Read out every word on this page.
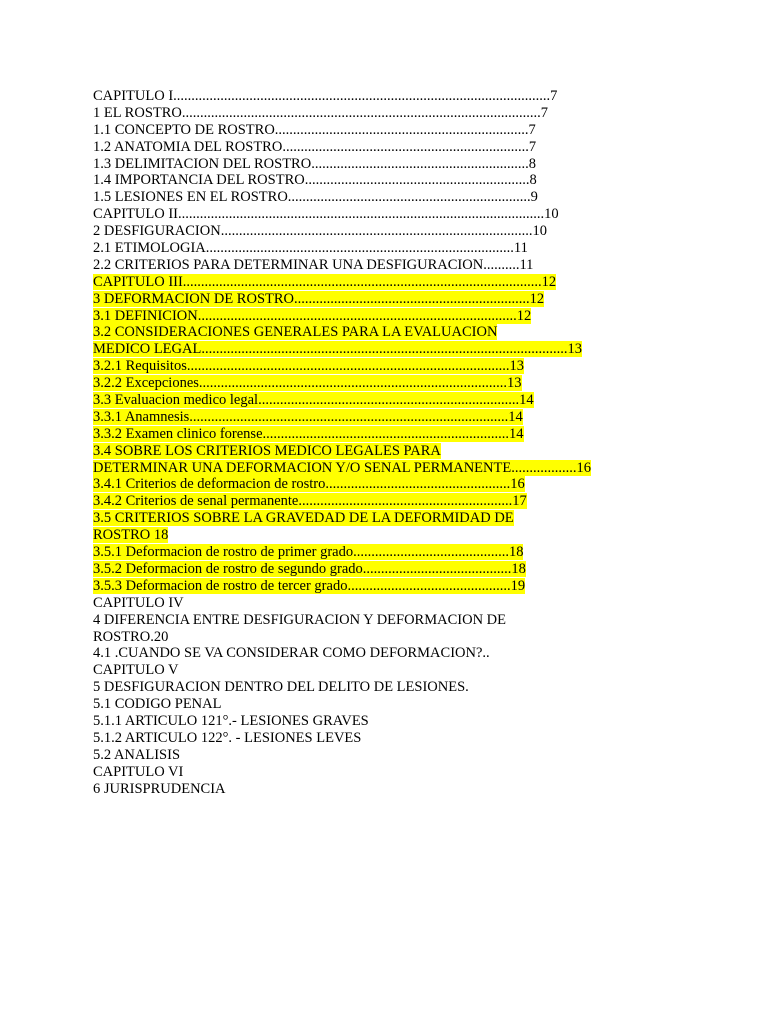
CAPITULO I........................................................................................................7
1 EL ROSTRO...................................................................................................7
1.1 CONCEPTO DE ROSTRO......................................................................7
1.2 ANATOMIA DEL ROSTRO....................................................................7
1.3 DELIMITACION DEL ROSTRO............................................................8
1.4 IMPORTANCIA DEL ROSTRO..............................................................8
1.5 LESIONES EN EL ROSTRO...................................................................9
CAPITULO II.....................................................................................................10
2 DESFIGURACION......................................................................................10
2.1 ETIMOLOGIA.....................................................................................11
2.2 CRITERIOS PARA DETERMINAR UNA DESFIGURACION..........11
CAPITULO III...................................................................................................12
3 DEFORMACION DE ROSTRO.................................................................12
3.1 DEFINICION........................................................................................12
3.2 CONSIDERACIONES GENERALES PARA LA EVALUACION
MEDICO LEGAL.....................................................................................................13
3.2.1 Requisitos.........................................................................................13
3.2.2 Excepciones.....................................................................................13
3.3 Evaluacion medico legal........................................................................14
3.3.1 Anamnesis........................................................................................14
3.3.2 Examen clinico forense....................................................................14
3.4 SOBRE LOS CRITERIOS MEDICO LEGALES PARA
DETERMINAR UNA DEFORMACION Y/O SENAL PERMANENTE..................16
3.4.1 Criterios de deformacion de rostro...................................................16
3.4.2 Criterios de senal permanente...........................................................17
3.5 CRITERIOS SOBRE LA GRAVEDAD DE LA DEFORMIDAD DE
ROSTRO 18
3.5.1 Deformacion de rostro de primer grado...........................................18
3.5.2 Deformacion de rostro de segundo grado.........................................18
3.5.3 Deformacion de rostro de tercer grado.............................................19
CAPITULO IV
4 DIFERENCIA ENTRE DESFIGURACION Y DEFORMACION DE
ROSTRO.20
4.1 .CUANDO SE VA CONSIDERAR COMO DEFORMACION?..
CAPITULO V
5 DESFIGURACION DENTRO DEL DELITO DE LESIONES.
5.1 CODIGO PENAL
5.1.1 ARTICULO 121°.- LESIONES GRAVES
5.1.2 ARTICULO 122°. - LESIONES LEVES
5.2 ANALISIS
CAPITULO VI
6 JURISPRUDENCIA
